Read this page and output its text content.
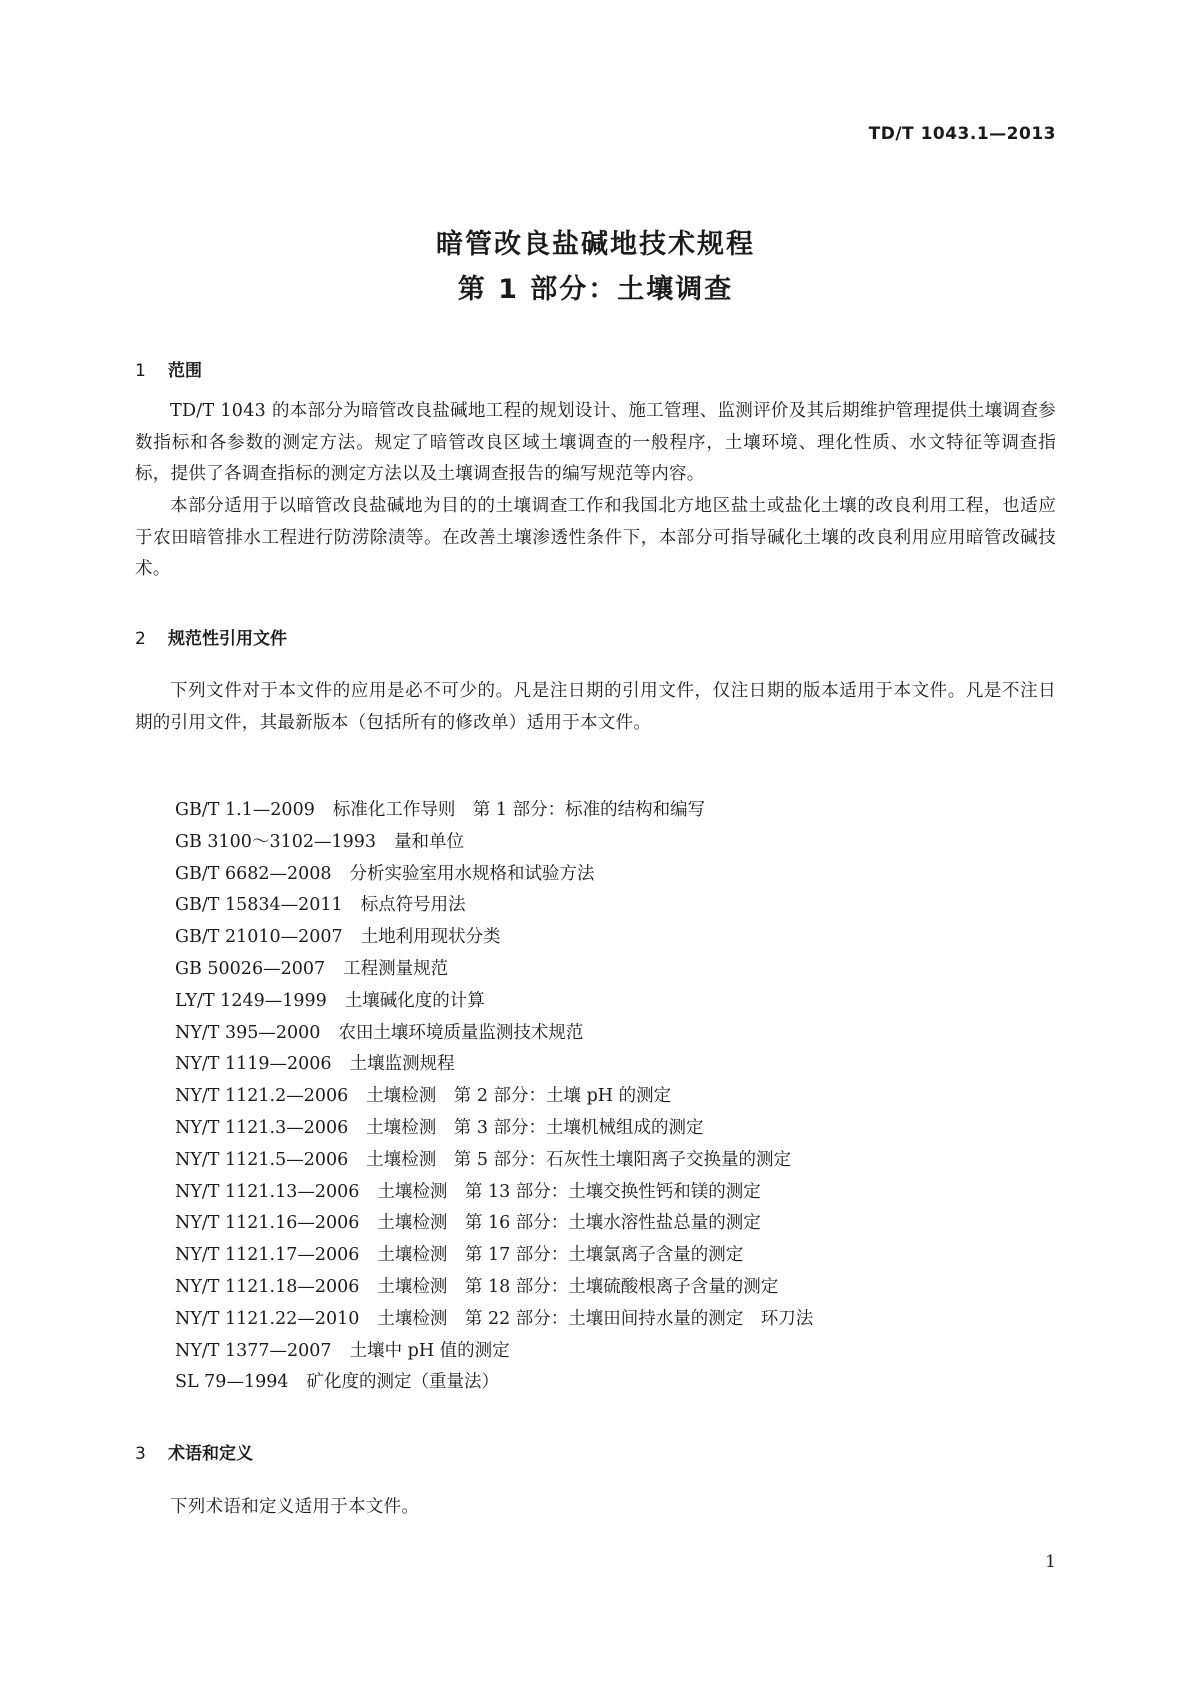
TD/T 1043.1—2013
暗管改良盐碱地技术规程
第 1 部分：土壤调查
1 范围

TD/T 1043 的本部分为暗管改良盐碱地工程的规划设计、施工管理、监测评价及其后期维护管理提供土壤调查参数指标和各参数的测定方法。规定了暗管改良区域土壤调查的一般程序，土壤环境、理化性质、水文特征等调查指标，提供了各调查指标的测定方法以及土壤调查报告的编写规范等内容。

本部分适用于以暗管改良盐碱地为目的的土壤调查工作和我国北方地区盐土或盐化土壤的改良利用工程，也适应于农田暗管排水工程进行防涝除渍等。在改善土壤渗透性条件下，本部分可指导碱化土壤的改良利用应用暗管改碱技术。

2 规范性引用文件

下列文件对于本文件的应用是必不可少的。凡是注日期的引用文件，仅注日期的版本适用于本文件。凡是不注日期的引用文件，其最新版本（包括所有的修改单）适用于本文件。

GB/T 1.1—2009 标准化工作导则　第 1 部分：标准的结构和编写
GB 3100～3102—1993 量和单位
GB/T 6682—2008 分析实验室用水规格和试验方法
GB/T 15834—2011 标点符号用法
GB/T 21010—2007 土地利用现状分类
GB 50026—2007 工程测量规范
LY/T 1249—1999 土壤碱化度的计算
NY/T 395—2000 农田土壤环境质量监测技术规范
NY/T 1119—2006 土壤监测规程
NY/T 1121.2—2006 土壤检测　第 2 部分：土壤 pH 的测定
NY/T 1121.3—2006 土壤检测　第 3 部分：土壤机械组成的测定
NY/T 1121.5—2006 土壤检测　第 5 部分：石灰性土壤阳离子交换量的测定
NY/T 1121.13—2006 土壤检测　第 13 部分：土壤交换性钙和镁的测定
NY/T 1121.16—2006 土壤检测　第 16 部分：土壤水溶性盐总量的测定
NY/T 1121.17—2006 土壤检测　第 17 部分：土壤氯离子含量的测定
NY/T 1121.18—2006 土壤检测　第 18 部分：土壤硫酸根离子含量的测定
NY/T 1121.22—2010 土壤检测　第 22 部分：土壤田间持水量的测定　环刀法
NY/T 1377—2007 土壤中 pH 值的测定
SL 79—1994 矿化度的测定（重量法）
3 术语和定义

下列术语和定义适用于本文件。

1
